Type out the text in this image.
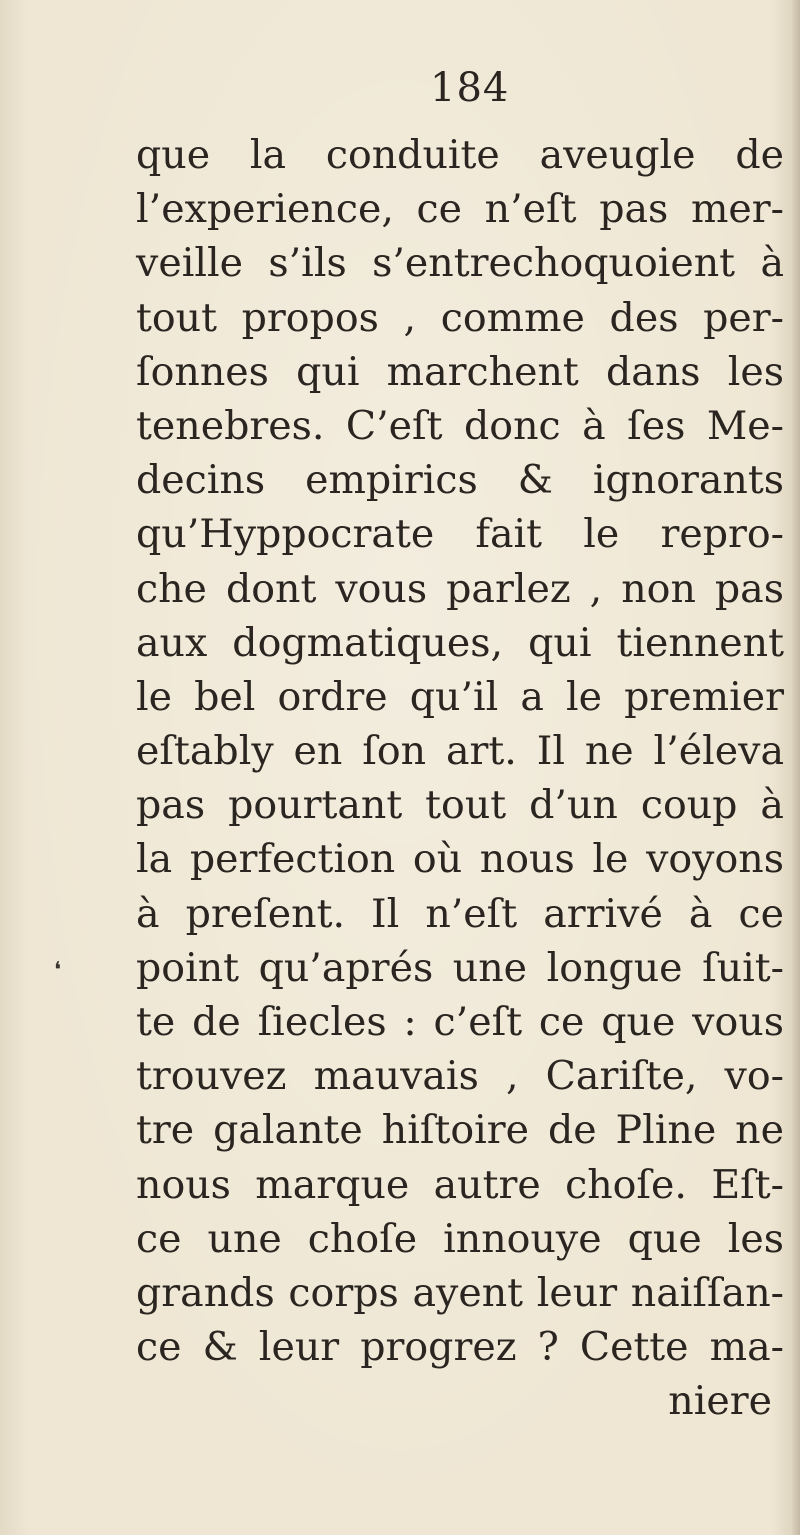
184
❛
que la conduite aveugle de
l’experience, ce n’eſt pas mer-
veille s’ils s’entrechoquoient à
tout propos , comme des per-
ſonnes qui marchent dans les
tenebres. C’eſt donc à ſes Me-
decins empirics & ignorants
qu’Hyppocrate fait le repro-
che dont vous parlez , non pas
aux dogmatiques, qui tiennent
le bel ordre qu’il a le premier
eſtably en ſon art. Il ne l’éleva
pas pourtant tout d’un coup à
la perfection où nous le voyons
à preſent. Il n’eſt arrivé à ce
point qu’aprés une longue ſuit-
te de ſiecles : c’eſt ce que vous
trouvez mauvais , Cariſte, vo-
tre galante hiſtoire de Pline ne
nous marque autre choſe. Eſt-
ce une choſe innouye que les
grands corps ayent leur naiſſan-
ce & leur progrez ? Cette ma-
niere
